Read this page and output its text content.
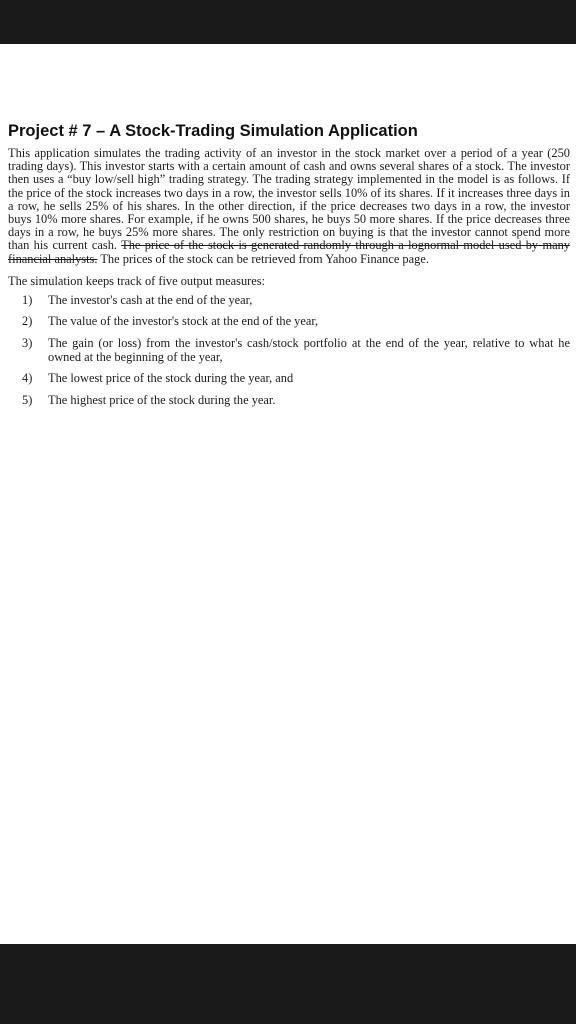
Project # 7 – A Stock-Trading Simulation Application

This application simulates the trading activity of an investor in the stock market over a period of a year (250 trading days). This investor starts with a certain amount of cash and owns several shares of a stock. The investor then uses a “buy low/sell high” trading strategy. The trading strategy implemented in the model is as follows. If the price of the stock increases two days in a row, the investor sells 10% of its shares. If it increases three days in a row, he sells 25% of his shares. In the other direction, if the price decreases two days in a row, the investor buys 10% more shares. For example, if he owns 500 shares, he buys 50 more shares. If the price decreases three days in a row, he buys 25% more shares. The only restriction on buying is that the investor cannot spend more than his current cash. The price of the stock is generated randomly through a lognormal model used by many financial analysts. The prices of the stock can be retrieved from Yahoo Finance page.

The simulation keeps track of five output measures:

1)	The investor's cash at the end of the year,
2)	The value of the investor's stock at the end of the year,
3)	The gain (or loss) from the investor's cash/stock portfolio at the end of the year, relative to what he owned at the beginning of the year,
4)	The lowest price of the stock during the year, and
5)	The highest price of the stock during the year.
